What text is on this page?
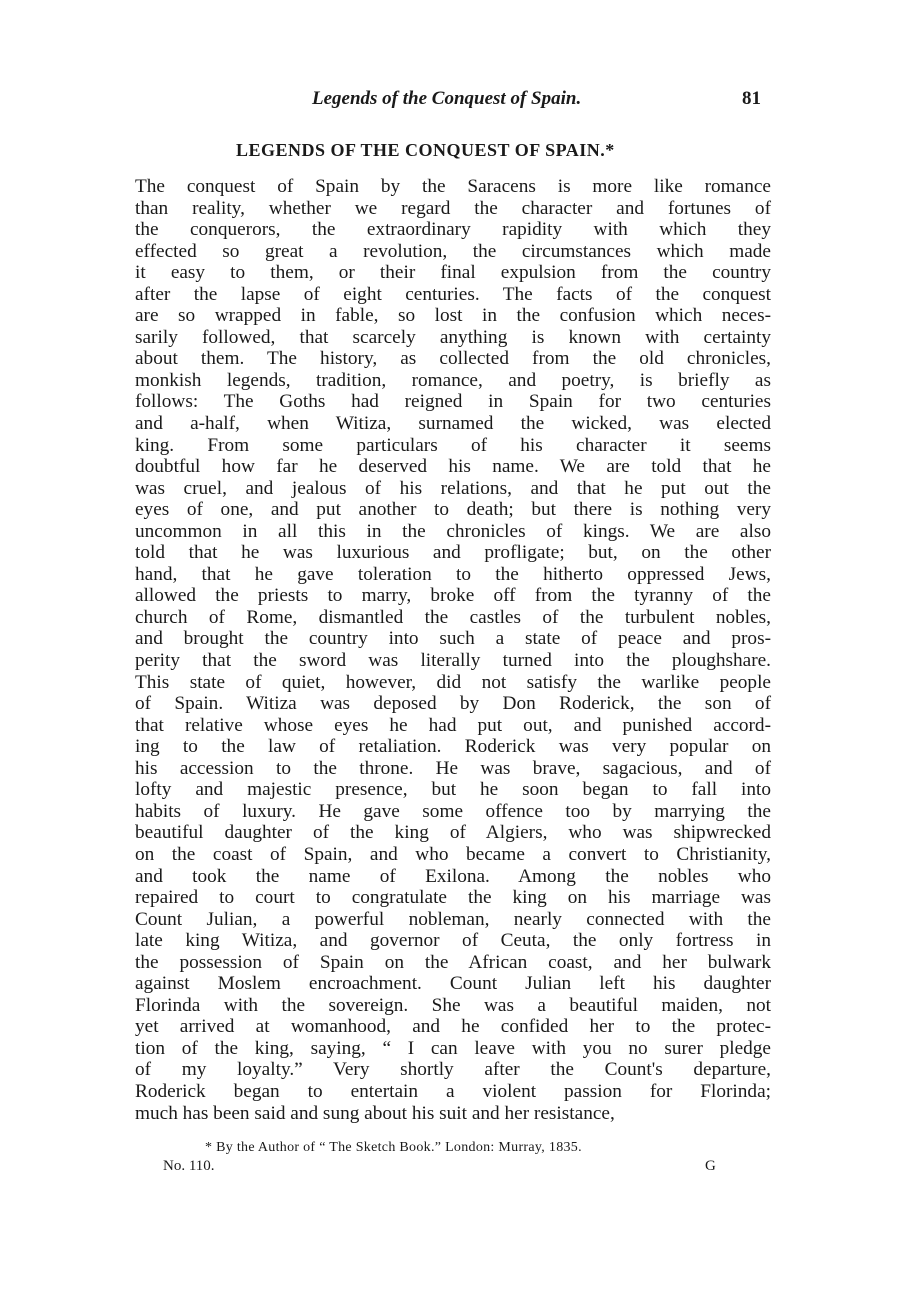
Legends of the Conquest of Spain.	81
LEGENDS OF THE CONQUEST OF SPAIN.*
The conquest of Spain by the Saracens is more like romance
than reality, whether we regard the character and fortunes of
the conquerors, the extraordinary rapidity with which they
effected so great a revolution, the circumstances which made
it easy to them, or their final expulsion from the country
after the lapse of eight centuries. The facts of the conquest
are so wrapped in fable, so lost in the confusion which neces-
sarily followed, that scarcely anything is known with certainty
about them. The history, as collected from the old chronicles,
monkish legends, tradition, romance, and poetry, is briefly as
follows: The Goths had reigned in Spain for two centuries
and a-half, when Witiza, surnamed the wicked, was elected
king. From some particulars of his character it seems
doubtful how far he deserved his name. We are told that he
was cruel, and jealous of his relations, and that he put out the
eyes of one, and put another to death; but there is nothing very
uncommon in all this in the chronicles of kings. We are also
told that he was luxurious and profligate; but, on the other
hand, that he gave toleration to the hitherto oppressed Jews,
allowed the priests to marry, broke off from the tyranny of the
church of Rome, dismantled the castles of the turbulent nobles,
and brought the country into such a state of peace and pros-
perity that the sword was literally turned into the ploughshare.
This state of quiet, however, did not satisfy the warlike people
of Spain. Witiza was deposed by Don Roderick, the son of
that relative whose eyes he had put out, and punished accord-
ing to the law of retaliation. Roderick was very popular on
his accession to the throne. He was brave, sagacious, and of
lofty and majestic presence, but he soon began to fall into
habits of luxury. He gave some offence too by marrying the
beautiful daughter of the king of Algiers, who was shipwrecked
on the coast of Spain, and who became a convert to Christianity,
and took the name of Exilona. Among the nobles who
repaired to court to congratulate the king on his marriage was
Count Julian, a powerful nobleman, nearly connected with the
late king Witiza, and governor of Ceuta, the only fortress in
the possession of Spain on the African coast, and her bulwark
against Moslem encroachment. Count Julian left his daughter
Florinda with the sovereign. She was a beautiful maiden, not
yet arrived at womanhood, and he confided her to the protec-
tion of the king, saying, “ I can leave with you no surer pledge
of my loyalty.” Very shortly after the Count's departure,
Roderick began to entertain a violent passion for Florinda;
much has been said and sung about his suit and her resistance,
* By the Author of “ The Sketch Book.” London: Murray, 1835.
No. 110.	G
